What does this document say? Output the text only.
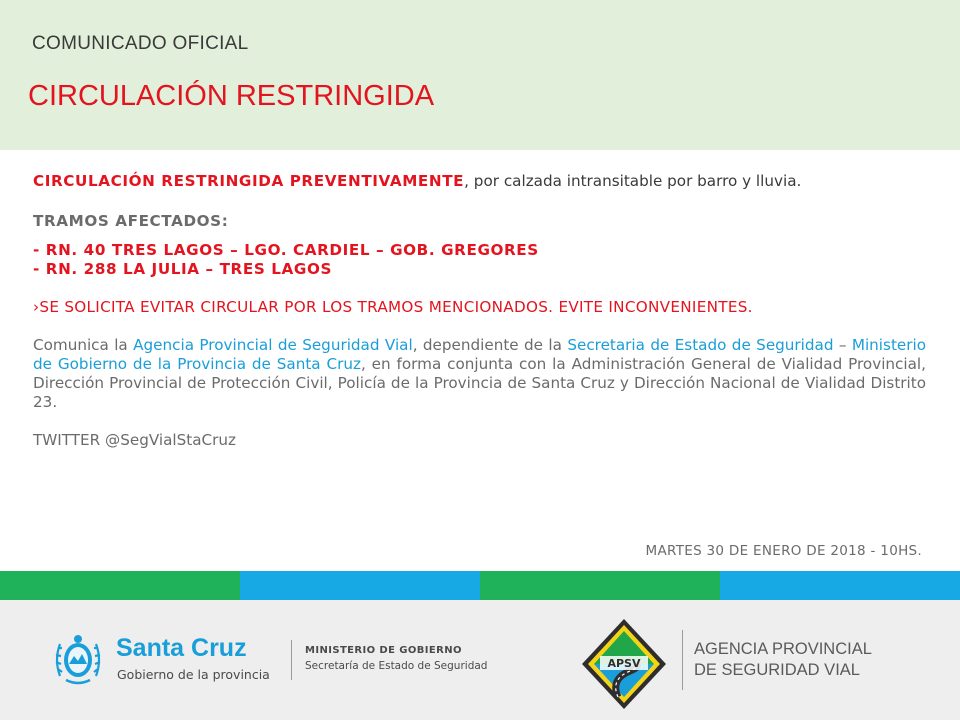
COMUNICADO OFICIAL
CIRCULACIÓN RESTRINGIDA

CIRCULACIÓN RESTRINGIDA PREVENTIVAMENTE, por calzada intransitable por barro y lluvia.

TRAMOS AFECTADOS:

- RN. 40 TRES LAGOS – LGO. CARDIEL – GOB. GREGORES
- RN. 288 LA JULIA – TRES LAGOS

›SE SOLICITA EVITAR CIRCULAR POR LOS TRAMOS MENCIONADOS. EVITE INCONVENIENTES.

Comunica la Agencia Provincial de Seguridad Vial, dependiente de la Secretaria de Estado de Seguridad – Ministerio de Gobierno de la Provincia de Santa Cruz, en forma conjunta con la Administración General de Vialidad Provincial, Dirección Provincial de Protección Civil, Policía de la Provincia de Santa Cruz y Dirección Nacional de Vialidad Distrito 23.

TWITTER @SegVialStaCruz

MARTES 30 DE ENERO DE 2018 - 10HS.
Santa Cruz
Gobierno de la provincia
MINISTERIO DE GOBIERNO
Secretaría de Estado de Seguridad	APSV
AGENCIA PROVINCIAL
DE SEGURIDAD VIAL
